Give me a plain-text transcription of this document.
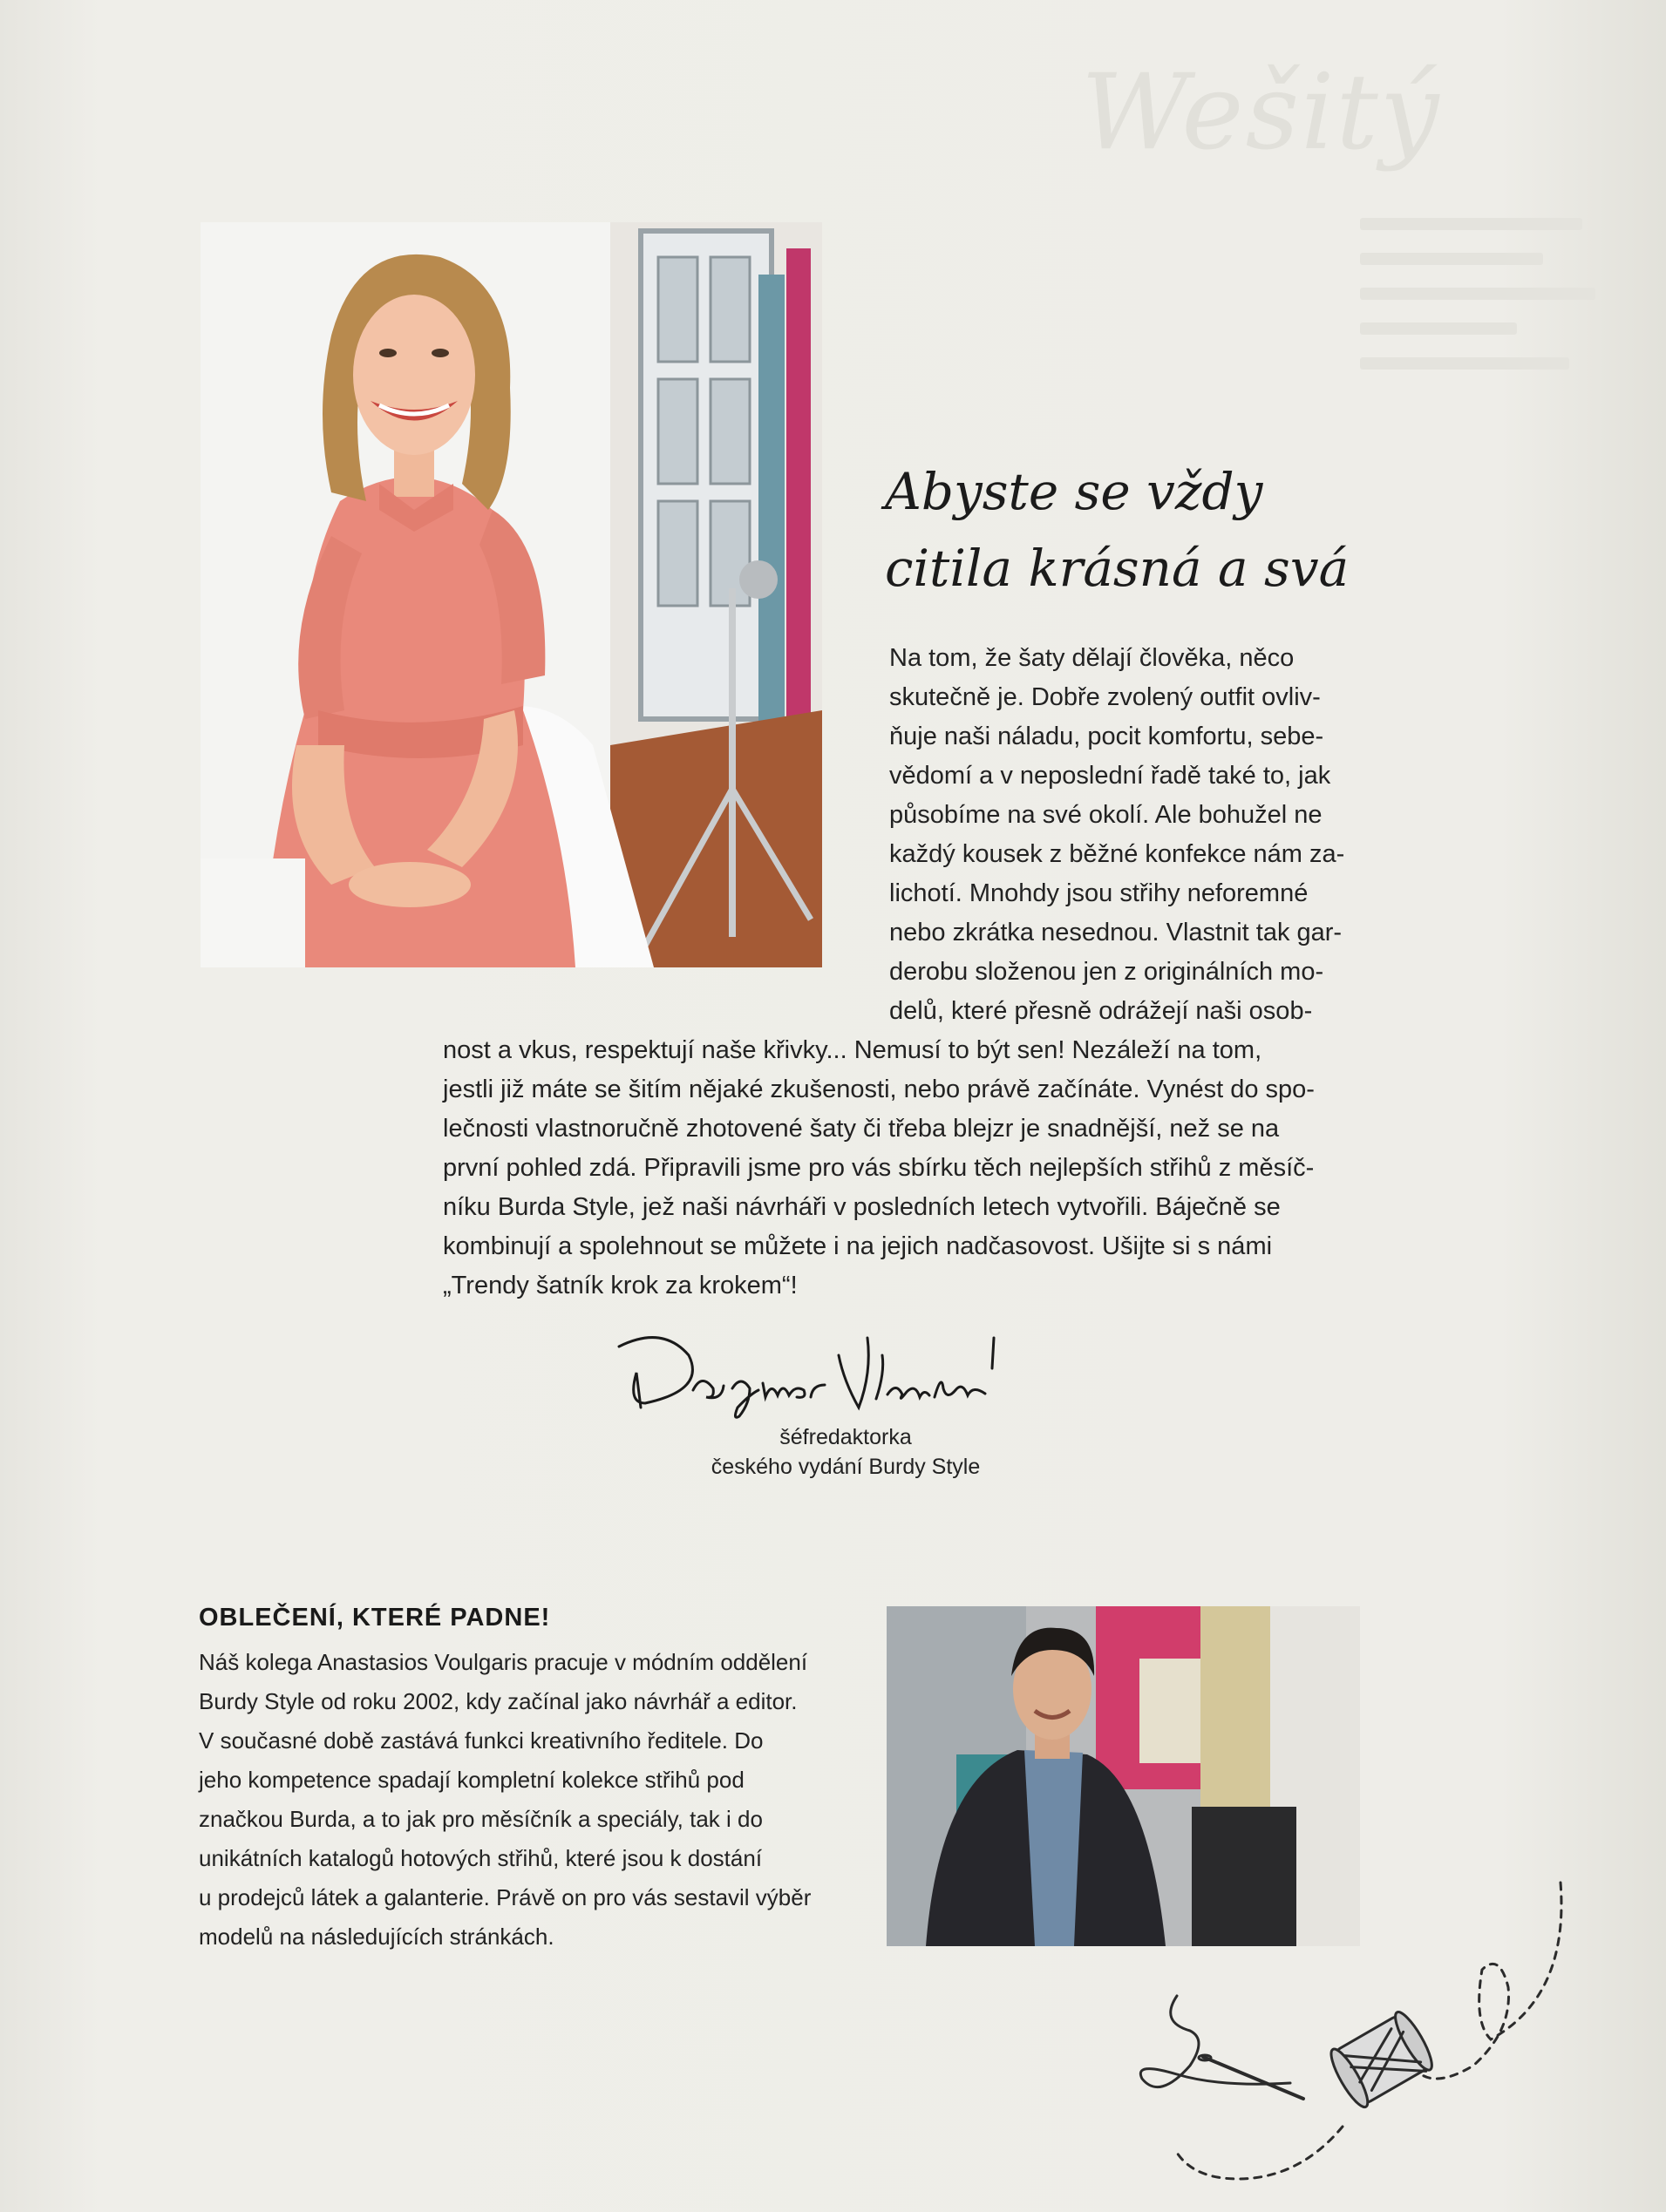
Wešitý
Abyste se vždy
citila krásná a svá
Na tom, že šaty dělají člověka, něco
skutečně je. Dobře zvolený outfit ovliv-
ňuje naši náladu, pocit komfortu, sebe-
vědomí a v neposlední řadě také to, jak
působíme na své okolí. Ale bohužel ne
každý kousek z běžné konfekce nám za-
lichotí. Mnohdy jsou střihy neforemné
nebo zkrátka nesednou. Vlastnit tak gar-
derobu složenou jen z originálních mo-
delů, které přesně odrážejí naši osob-
nost a vkus, respektují naše křivky... Nemusí to být sen! Nezáleží na tom,
jestli již máte se šitím nějaké zkušenosti, nebo právě začínáte. Vynést do spo-
lečnosti vlastnoručně zhotovené šaty či třeba blejzr je snadnější, než se na
první pohled zdá. Připravili jsme pro vás sbírku těch nejlepších střihů z měsíč-
níku Burda Style, jež naši návrháři v posledních letech vytvořili. Báječně se
kombinují a spolehnout se můžete i na jejich nadčasovost. Ušijte si s námi
„Trendy šatník krok za krokem“!
šéfredaktorka
českého vydání Burdy Style
OBLEČENÍ, KTERÉ PADNE!
Náš kolega Anastasios Voulgaris pracuje v módním oddělení
Burdy Style od roku 2002, kdy začínal jako návrhář a editor.
V současné době zastává funkci kreativního ředitele. Do
jeho kompetence spadají kompletní kolekce střihů pod
značkou Burda, a to jak pro měsíčník a speciály, tak i do
unikátních katalogů hotových střihů, které jsou k dostání
u prodejců látek a galanterie. Právě on pro vás sestavil výběr
modelů na následujících stránkách.
